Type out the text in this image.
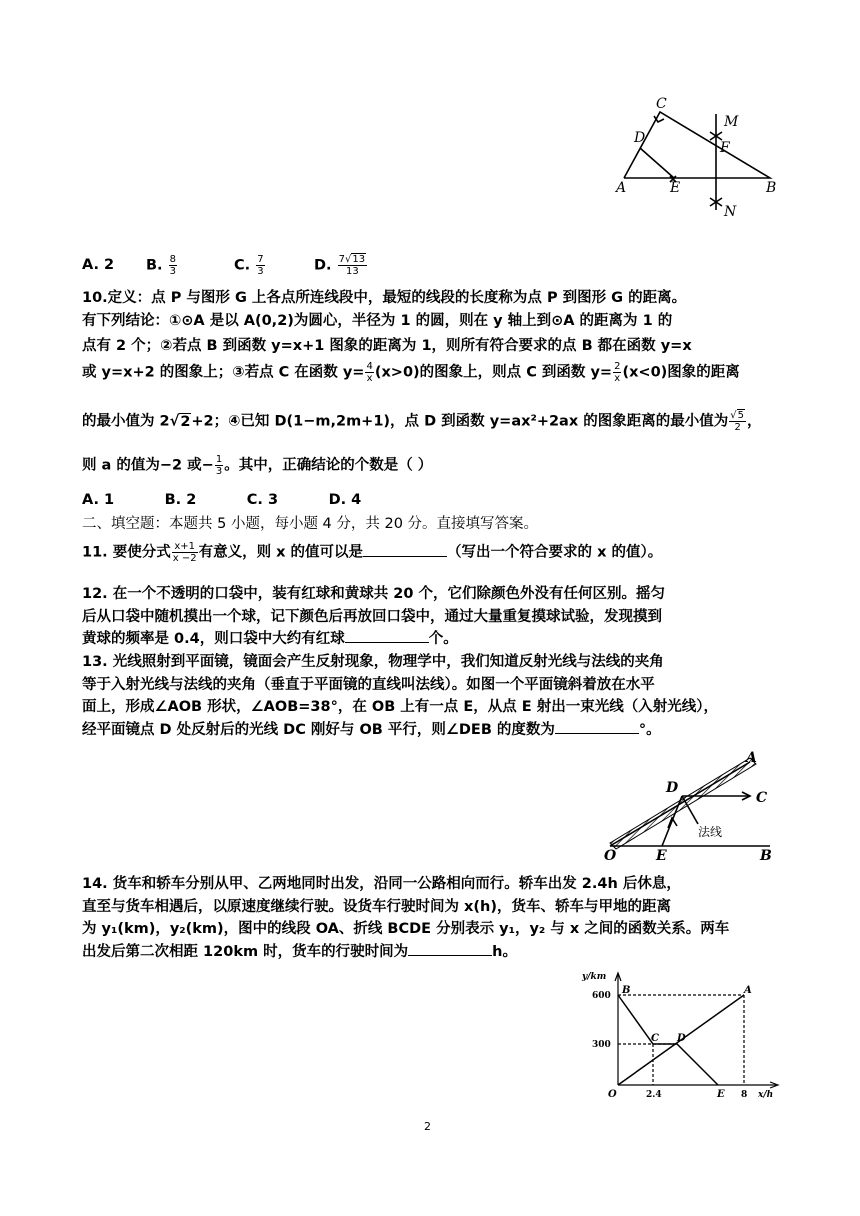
C
M
D
F
A	E	B
N
A. 2 B. $\frac{8}{3}$	C. $\frac{7}{3}$	D. $\frac{7√13}{13}$
10.定义：点 P 与图形 G 上各点所连线段中，最短的线段的长度称为点 P 到图形 G 的距离。
有下列结论：①⊙A 是以 A(0,2)为圆心，半径为 1 的圆，则在 y 轴上到⊙A 的距离为 1 的
点有 2 个；②若点 B 到函数 y=x+1 图象的距离为 1，则所有符合要求的点 B 都在函数 y=x
或 y=x+2 的图象上；③若点 C 在函数 $y= \frac{4}{x} (x>0)$的图象上，则点 C 到函数 $y= \frac{2}{x} (x<0)$图象的距离
的最小值为 2√2+2；④已知 D(1−m,2m+1)，点 D 到函数 y=ax²+2ax 的图象距离的最小值为 $\frac{√5}{2}$ ，
则 a 的值为−2 或− $\frac{1}{3}$ 。其中，正确结论的个数是（ ）
A. 1          B. 2          C. 3          D. 4
二、填空题：本题共 5 小题，每小题 4 分，共 20 分。直接填写答案。
11. 要使分式 $\frac{x+1}{x -2}$ 有意义，则 x 的值可以是	（写出一个符合要求的 x 的值）。
12. 在一个不透明的口袋中，装有红球和黄球共 20 个，它们除颜色外没有任何区别。摇匀
后从口袋中随机摸出一个球，记下颜色后再放回口袋中，通过大量重复摸球试验，发现摸到
黄球的频率是 0.4，则口袋中大约有红球	个。
13. 光线照射到平面镜，镜面会产生反射现象，物理学中，我们知道反射光线与法线的夹角
等于入射光线与法线的夹角（垂直于平面镜的直线叫法线）。如图一个平面镜斜着放在水平
面上，形成∠AOB 形状，∠AOB=38°，在 OB 上有一点 E，从点 E 射出一束光线（入射光线），
经平面镜点 D 处反射后的光线 DC 刚好与 OB 平行，则∠DEB 的度数为	°。
A
D
C
法线
O	E	B
14. 货车和轿车分别从甲、乙两地同时出发，沿同一公路相向而行。轿车出发 2.4h 后休息，
直至与货车相遇后，以原速度继续行驶。设货车行驶时间为 x(h)，货车、轿车与甲地的距离
为 y₁(km)，y₂(km)，图中的线段 OA、折线 BCDE 分别表示 y₁，y₂ 与 x 之间的函数关系。两车
出发后第二次相距 120km 时，货车的行驶时间为	h。
y/km
600
300
2.4	8 x/h
O
A
B
C D
E
2
